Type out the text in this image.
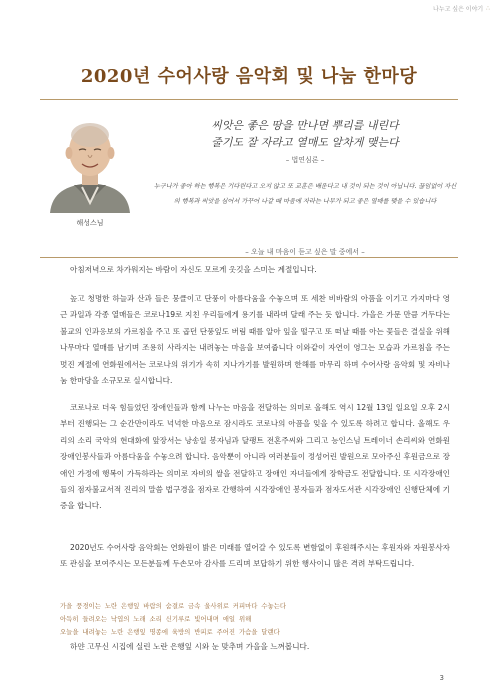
나누고 싶은 이야기 ∴
2020년 수어사랑 음악회 및 나눔 한마당
해성스님
씨앗은 좋은 땅을 만나면 뿌리를 내린다
줄기도 잘 자라고 열매도 알차게 맺는다
– 법연심론 –
누구나가 좋아 하는 행복은 기다린다고 오지 않고 또 교훈은 배운다고 내 것이 되는 것이 아닙니다. 끊임없이 자신의 행복과 씨앗을 심어서 가꾸어 나갈 때 마음에 자라는 나무가 되고 좋은 열매를 맺을 수 있습니다
– 오늘 내 마음이 듣고 싶은 말 중에서 –

아침저녁으로 차가워지는 바람이 자신도 모르게 옷깃을 스미는 계절입니다.

높고 청명한 하늘과 산과 들은 뭉클이고 단풍이 아름다움을 수놓으며 또 세찬 비바람의 아픔을 이기고 가지마다 영근 과일과 각종 열매들은 코로나19로 지친 우리들에게 용기를 내라며 달래 주는 듯 합니다. 가을은 가문 만큼 거두다는 불교의 인과응보의 가르침을 주고 또 곱던 단풍잎도 버림 때를 알아 잎을 떨구고 또 떠날 때를 아는 꽃들은 결실을 위해 나무마다 열매를 남기며 조용히 사라지는 내려놓는 마음을 보여줍니다 이와같이 자연이 영그는 모습과 가르침을 주는 멋진 계절에 연화원에서는 코로나의 위기가 속히 지나가기를 발원하며 한해를 마무리 하며 수어사랑 음악회 및 자비나눔 한마당을 소규모로 실시합니다.

코로나로 더욱 힘들었던 장애인들과 함께 나누는 마음을 전달하는 의미로 올해도 역시 12월 13일 일요일 오후 2시부터 진행되는 그 순간만이라도 넉넉한 마음으로 잠시라도 코로나의 아픔을 잊을 수 있도록 하려고 합니다. 올해도 우리의 소리 국악의 현대화에 앞장서는 낭송일 봉자님과 달팽트 전혼주씨와 그리고 능인스님 트레이너 손리씨와 연화원 장애인봉사들과 아름다움을 수놓으려 합니다. 음악뿐이 아니라 여러분들이 정성어린 발원으로 모아주신 후원금으로 장애인 가정에 행복이 가득하라는 의미로 자비의 쌀을 전달하고 장애인 자녀들에게 장학금도 전달합니다. 또 시각장애인들의 점자불교서적 진리의 말씀 법구경을 점자로 간행하여 시각장애인 봉자들과 점자도서관 시각장애인 신행단체에 기증을 합니다.

2020년도 수어사랑 음악회는 연화원이 밝은 미래를 열어갈 수 있도록 변함없이 후원해주시는 후원자와 자원봉사자 또 관심을 보여주시는 모든분들께 두손모아 감사를 드리며 보답하기 위한 행사이니 많은 격려 부탁드립니다.

가을 풍경이는 노란 은행잎 바람의 숨결로 금속 울사위로 커피마다 수놓는다
아득히 들려오는 낙엽의 노래 소리 신기루로 빛어내며 애일 위해
오늘을 내려놓는 노란 은행잎 명종에 육방의 반피로 주어진 가슴을 달랜다

하얀 고무신 시집에 실린 노란 은행잎 시와 눈 맞추며 가을을 느껴봅니다.

3
